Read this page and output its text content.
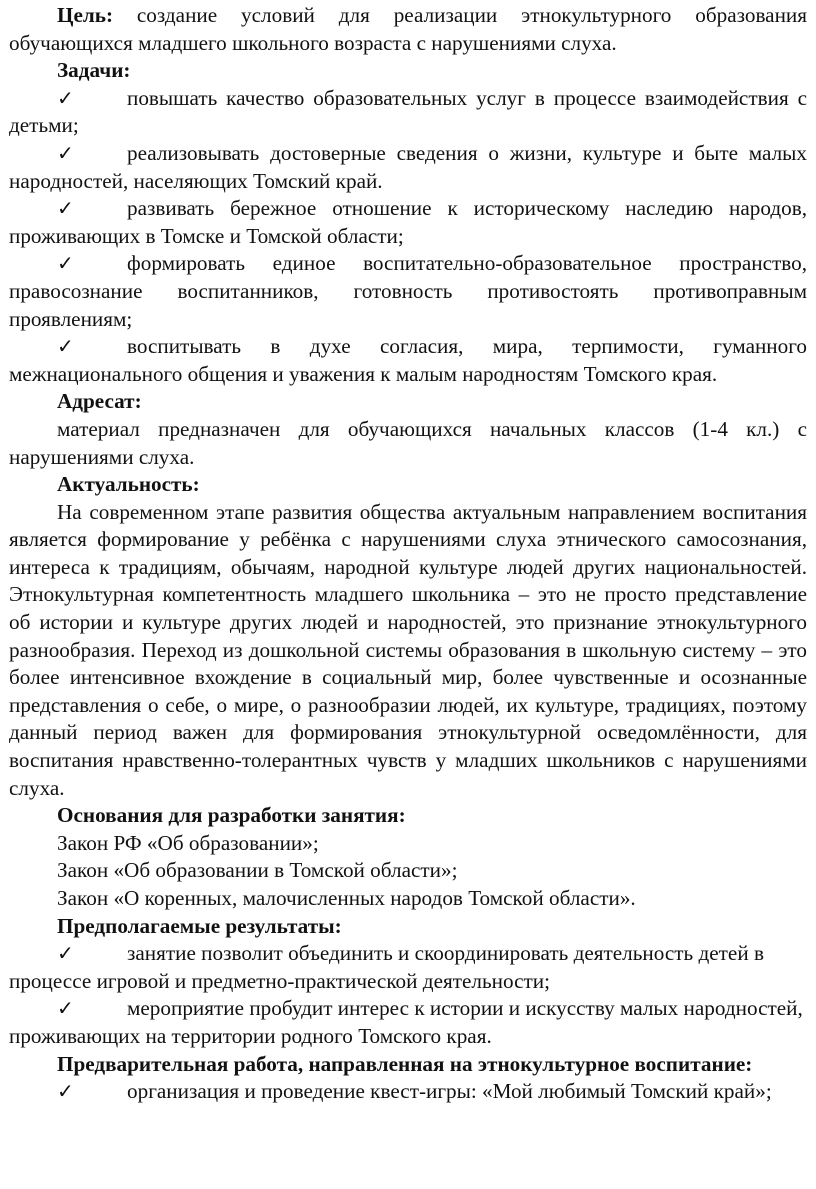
Цель: создание условий для реализации этнокультурного образования обучающихся младшего школьного возраста с нарушениями слуха.

Задачи:

✓	повышать качество образовательных услуг в процессе взаимодействия с детьми;

✓	реализовывать достоверные сведения о жизни, культуре и быте малых народностей, населяющих Томский край.

✓	развивать бережное отношение к историческому наследию народов, проживающих в Томске и Томской области;

✓	формировать единое воспитательно-образовательное пространство, правосознание воспитанников, готовность противостоять противоправным проявлениям;

✓	воспитывать в духе согласия, мира, терпимости, гуманного межнационального общения и уважения к малым народностям Томского края.

Адресат:

материал предназначен для обучающихся начальных классов (1-4 кл.) с нарушениями слуха.

Актуальность:

На современном этапе развития общества актуальным направлением воспитания является формирование у ребёнка с нарушениями слуха этнического самосознания, интереса к традициям, обычаям, народной культуре людей других национальностей. Этнокультурная компетентность младшего школьника – это не просто представление об истории и культуре других людей и народностей, это признание этнокультурного разнообразия. Переход из дошкольной системы образования в школьную систему – это более интенсивное вхождение в социальный мир, более чувственные и осознанные представления о себе, о мире, о разнообразии людей, их культуре, традициях, поэтому данный период важен для формирования этнокультурной осведомлённости, для воспитания нравственно-толерантных чувств у младших школьников с нарушениями слуха.

Основания для разработки занятия:

Закон РФ «Об образовании»;

Закон «Об образовании в Томской области»;

Закон «О коренных, малочисленных народов Томской области».

Предполагаемые результаты:

✓	занятие позволит объединить и скоординировать деятельность детей в процессе игровой и предметно-практической деятельности;

✓	мероприятие пробудит интерес к истории и искусству малых народностей, проживающих на территории родного Томского края.

Предварительная работа, направленная на этнокультурное воспитание:

✓	организация и проведение квест-игры: «Мой любимый Томский край»;
